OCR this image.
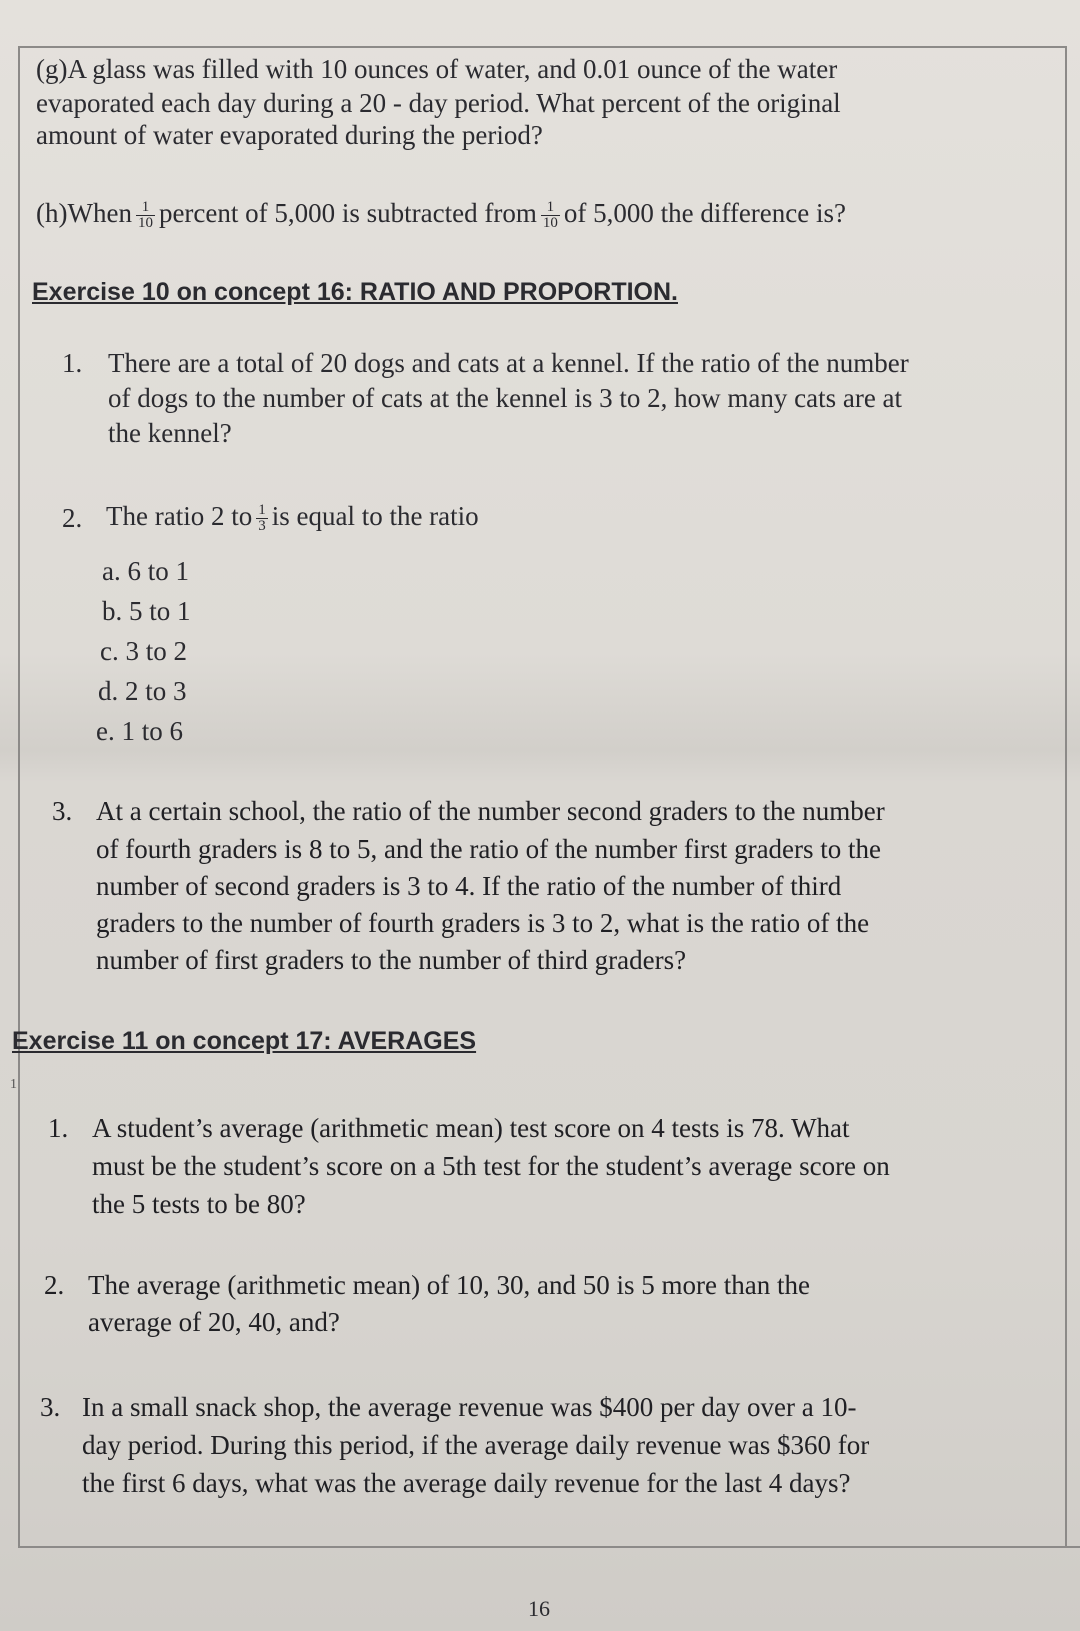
(g)A glass was filled with 10 ounces of water, and 0.01 ounce of the water
evaporated each day during a 20 - day period. What percent of the original
amount of water evaporated during the period?
(h)When $\frac{1}{10}$ percent of 5,000 is subtracted from $\frac{1}{10}$ of 5,000 the difference is?
Exercise 10 on concept 16: RATIO AND PROPORTION.
1. There are a total of 20 dogs and cats at a kennel. If the ratio of the number
of dogs to the number of cats at the kennel is 3 to 2, how many cats are at
the kennel?
2. The ratio 2 to $\frac{1}{3}$ is equal to the ratio
a. 6 to 1
b. 5 to 1
c. 3 to 2
d. 2 to 3
e. 1 to 6
3. At a certain school, the ratio of the number second graders to the number
of fourth graders is 8 to 5, and the ratio of the number first graders to the
number of second graders is 3 to 4. If the ratio of the number of third
graders to the number of fourth graders is 3 to 2, what is the ratio of the
number of first graders to the number of third graders?
Exercise 11 on concept 17: AVERAGES
1
1. A student’s average (arithmetic mean) test score on 4 tests is 78. What
must be the student’s score on a 5th test for the student’s average score on
the 5 tests to be 80?
2. The average (arithmetic mean) of 10, 30, and 50 is 5 more than the
average of 20, 40, and?
3. In a small snack shop, the average revenue was $400 per day over a 10-
day period. During this period, if the average daily revenue was $360 for
the first 6 days, what was the average daily revenue for the last 4 days?
16
